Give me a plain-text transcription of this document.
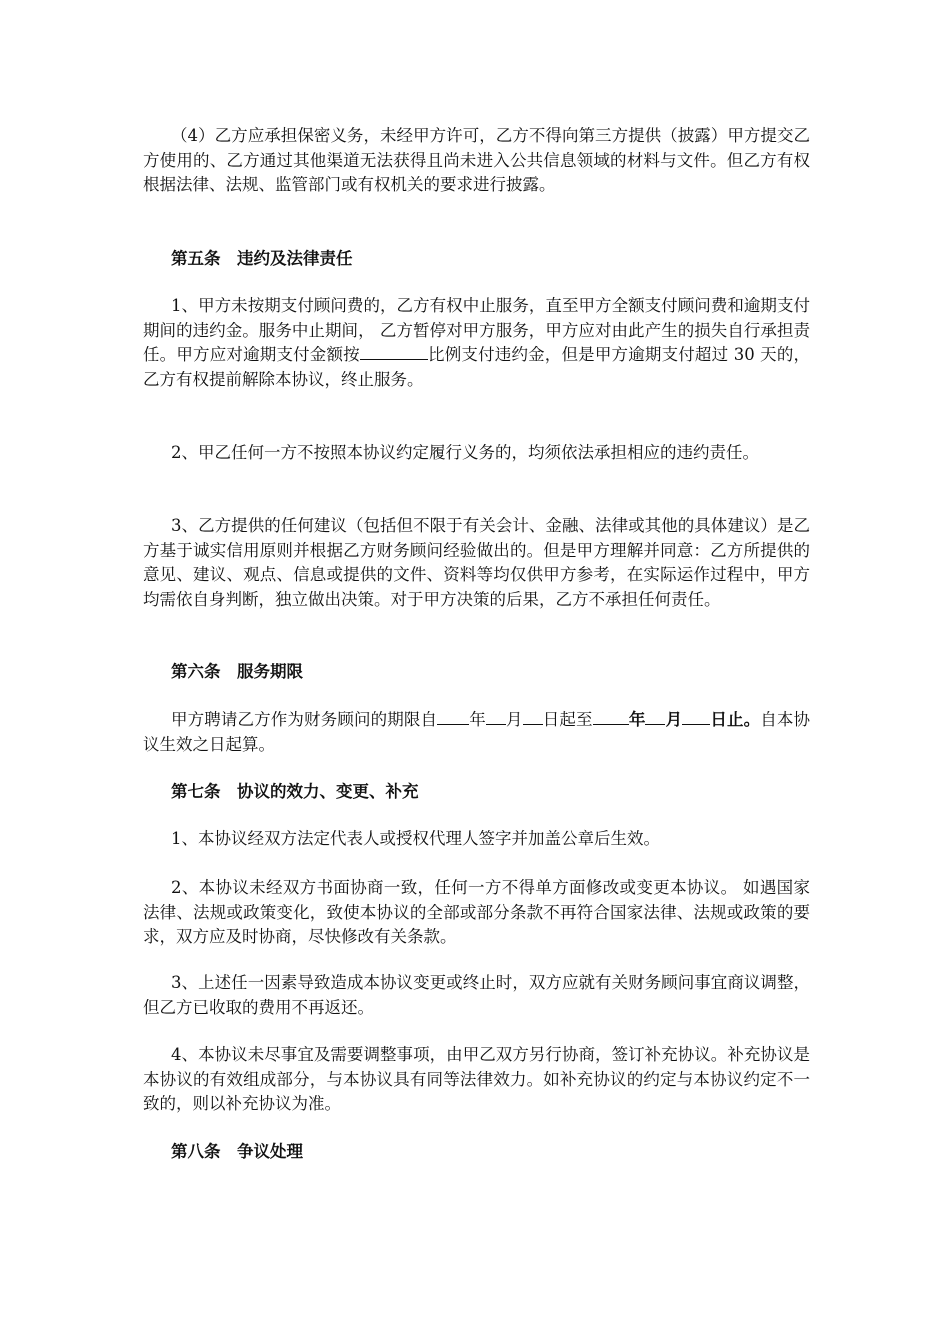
（4）乙方应承担保密义务，未经甲方许可，乙方不得向第三方提供（披露）甲方提交乙方使用的、乙方通过其他渠道无法获得且尚未进入公共信息领域的材料与文件。但乙方有权根据法律、法规、监管部门或有权机关的要求进行披露。

第五条　违约及法律责任

1、甲方未按期支付顾问费的，乙方有权中止服务，直至甲方全额支付顾问费和逾期支付期间的违约金。服务中止期间， 乙方暂停对甲方服务，甲方应对由此产生的损失自行承担责任。甲方应对逾期支付金额按	比例支付违约金，但是甲方逾期支付超过 30 天的，乙方有权提前解除本协议，终止服务。

2、甲乙任何一方不按照本协议约定履行义务的，均须依法承担相应的违约责任。

3、乙方提供的任何建议（包括但不限于有关会计、金融、法律或其他的具体建议）是乙方基于诚实信用原则并根据乙方财务顾问经验做出的。但是甲方理解并同意：乙方所提供的意见、建议、观点、信息或提供的文件、资料等均仅供甲方参考，在实际运作过程中，甲方均需依自身判断，独立做出决策。对于甲方决策的后果，乙方不承担任何责任。

第六条　服务期限

甲方聘请乙方作为财务顾问的期限自 年 月 日起至 年 月 日止。自本协议生效之日起算。

第七条　协议的效力、变更、补充

1、本协议经双方法定代表人或授权代理人签字并加盖公章后生效。

2、本协议未经双方书面协商一致，任何一方不得单方面修改或变更本协议。 如遇国家法律、法规或政策变化，致使本协议的全部或部分条款不再符合国家法律、法规或政策的要求，双方应及时协商，尽快修改有关条款。

3、上述任一因素导致造成本协议变更或终止时，双方应就有关财务顾问事宜商议调整，但乙方已收取的费用不再返还。

4、本协议未尽事宜及需要调整事项，由甲乙双方另行协商，签订补充协议。补充协议是本协议的有效组成部分，与本协议具有同等法律效力。如补充协议的约定与本协议约定不一 致的，则以补充协议为准。

第八条　争议处理
